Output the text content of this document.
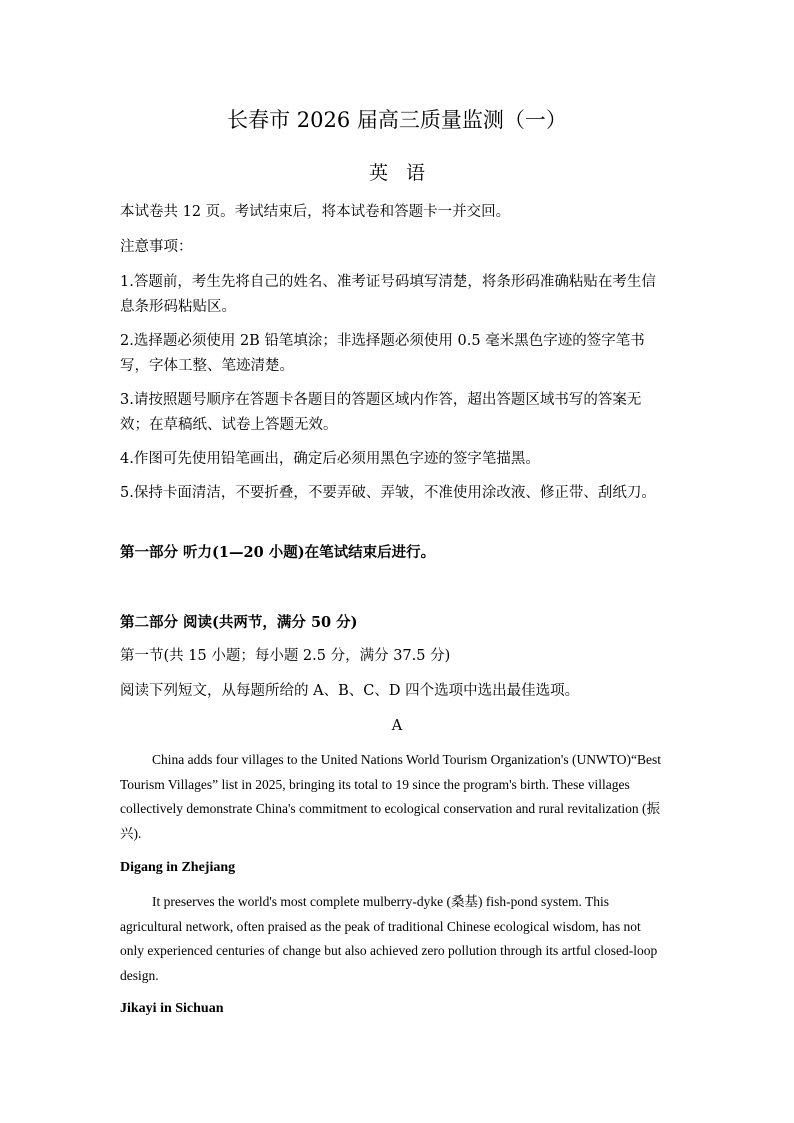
长春市 2026 届高三质量监测（一）
英语
本试卷共 12 页。考试结束后，将本试卷和答题卡一并交回。
注意事项：
1.答题前，考生先将自己的姓名、准考证号码填写清楚，将条形码准确粘贴在考生信息条形码粘贴区。
2.选择题必须使用 2B 铅笔填涂；非选择题必须使用 0.5 毫米黑色字迹的签字笔书写，字体工整、笔迹清楚。
3.请按照题号顺序在答题卡各题目的答题区域内作答，超出答题区域书写的答案无效；在草稿纸、试卷上答题无效。
4.作图可先使用铅笔画出，确定后必须用黑色字迹的签字笔描黑。
5.保持卡面清洁，不要折叠，不要弄破、弄皱，不准使用涂改液、修正带、刮纸刀。
第一部分 听力(1—20 小题)在笔试结束后进行。
第二部分 阅读(共两节，满分 50 分)
第一节(共 15 小题；每小题 2.5 分，满分 37.5 分)
阅读下列短文，从每题所给的 A、B、C、D 四个选项中选出最佳选项。
A
China adds four villages to the United Nations World Tourism Organization's (UNWTO)“Best Tourism Villages” list in 2025, bringing its total to 19 since the program's birth. These villages collectively demonstrate China's commitment to ecological conservation and rural revitalization (振兴).
Digang in Zhejiang
It preserves the world's most complete mulberry-dyke (桑基) fish-pond system. This agricultural network, often praised as the peak of traditional Chinese ecological wisdom, has not only experienced centuries of change but also achieved zero pollution through its artful closed-loop design.
Jikayi in Sichuan
